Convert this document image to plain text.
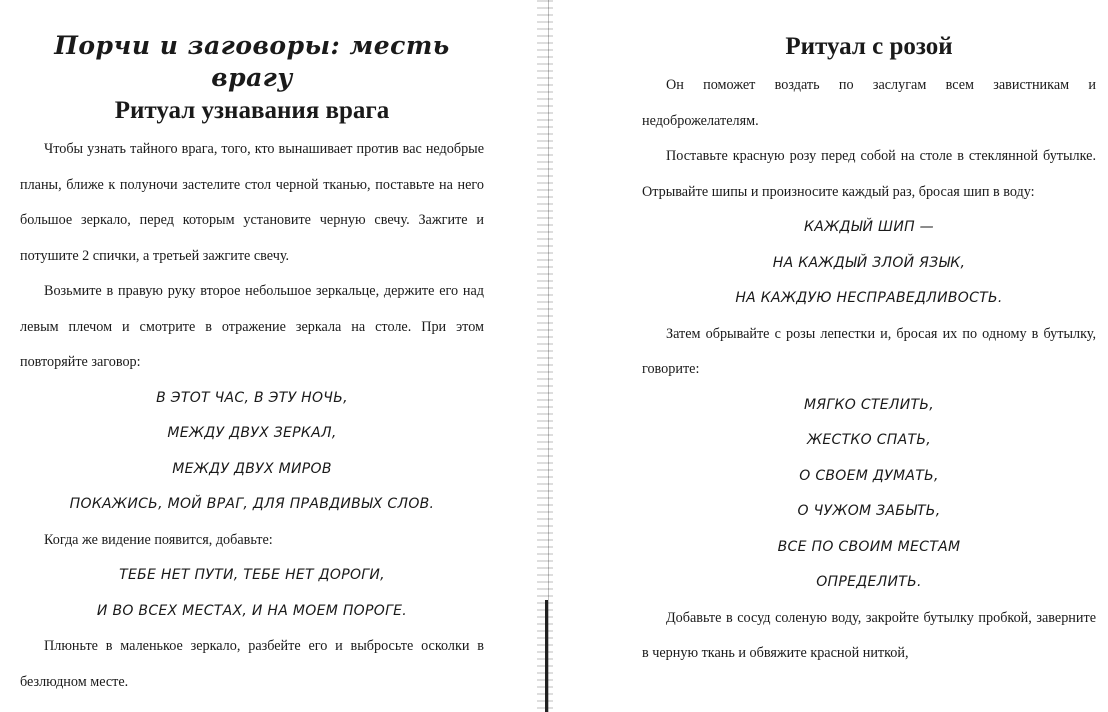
Порчи и заговоры: месть врагу
Ритуал узнавания врага

Чтобы узнать тайного врага, того, кто вынашивает против вас недобрые планы, ближе к полуночи застелите стол черной тканью, поставьте на него большое зеркало, перед которым установите черную свечу. Зажгите и потушите 2 спички, а третьей зажгите свечу.

Возьмите в правую руку второе небольшое зеркальце, держите его над левым плечом и смотрите в отражение зеркала на столе. При этом повторяйте заговор:

В ЭТОТ ЧАС, В ЭТУ НОЧЬ,

МЕЖДУ ДВУХ ЗЕРКАЛ,

МЕЖДУ ДВУХ МИРОВ

ПОКАЖИСЬ, МОЙ ВРАГ, ДЛЯ ПРАВДИВЫХ СЛОВ.

Когда же видение появится, добавьте:

ТЕБЕ НЕТ ПУТИ, ТЕБЕ НЕТ ДОРОГИ,

И ВО ВСЕХ МЕСТАХ, И НА МОЕМ ПОРОГЕ.

Плюньте в маленькое зеркало, разбейте его и выбросьте осколки в безлюдном месте.

Ритуал с розой

Он поможет воздать по заслугам всем завистникам и недоброжелателям.

Поставьте красную розу перед собой на столе в стеклянной бутылке. Отрывайте шипы и произносите каждый раз, бросая шип в воду:

КАЖДЫЙ ШИП —

НА КАЖДЫЙ ЗЛОЙ ЯЗЫК,

НА КАЖДУЮ НЕСПРАВЕДЛИВОСТЬ.

Затем обрывайте с розы лепестки и, бросая их по одному в бутылку, говорите:

МЯГКО СТЕЛИТЬ,

ЖЕСТКО СПАТЬ,

О СВОЕМ ДУМАТЬ,

О ЧУЖОМ ЗАБЫТЬ,

ВСЕ ПО СВОИМ МЕСТАМ

ОПРЕДЕЛИТЬ.

Добавьте в сосуд соленую воду, закройте бутылку пробкой, заверните в черную ткань и обвяжите красной ниткой,
